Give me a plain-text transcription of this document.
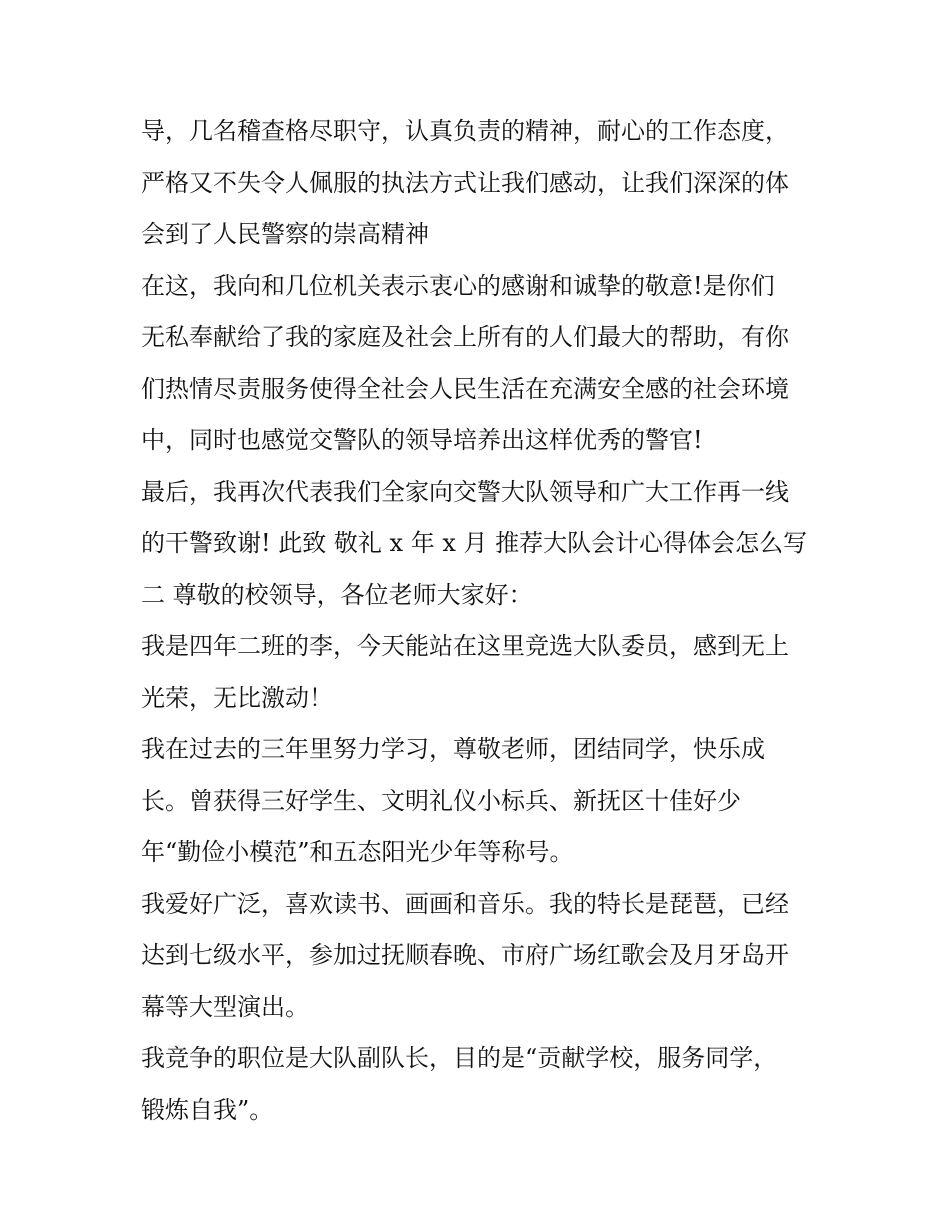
导，几名稽查格尽职守，认真负责的精神，耐心的工作态度，
严格又不失令人佩服的执法方式让我们感动，让我们深深的体
会到了人民警察的崇高精神
在这，我向和几位机关表示衷心的感谢和诚挚的敬意!是你们
无私奉献给了我的家庭及社会上所有的人们最大的帮助，有你
们热情尽责服务使得全社会人民生活在充满安全感的社会环境
中，同时也感觉交警队的领导培养出这样优秀的警官!
最后，我再次代表我们全家向交警大队领导和广大工作再一线
的干警致谢! 此致 敬礼 x 年 x 月 推荐大队会计心得体会怎么写
二 尊敬的校领导，各位老师大家好：
我是四年二班的李，今天能站在这里竞选大队委员，感到无上
光荣，无比激动！
我在过去的三年里努力学习，尊敬老师，团结同学，快乐成
长。曾获得三好学生、文明礼仪小标兵、新抚区十佳好少
年“勤俭小模范”和五态阳光少年等称号。
我爱好广泛，喜欢读书、画画和音乐。我的特长是琵琶，已经
达到七级水平，参加过抚顺春晚、市府广场红歌会及月牙岛开
幕等大型演出。
我竞争的职位是大队副队长，目的是“贡献学校，服务同学，
锻炼自我”。
